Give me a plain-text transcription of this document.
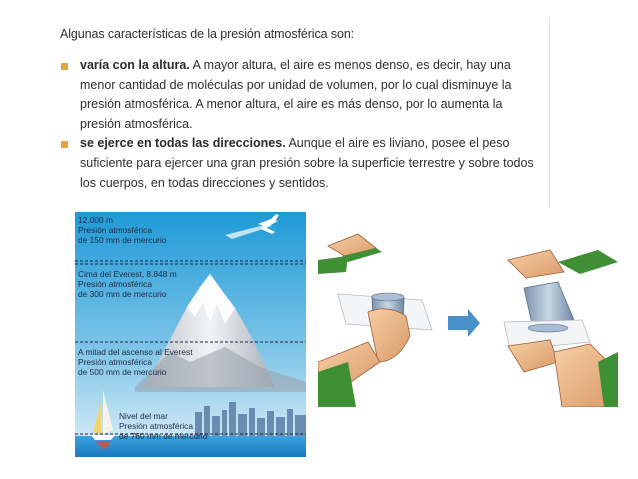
Algunas características de la presión atmosférica son:
varía con la altura. A mayor altura, el aire es menos denso, es decir, hay una menor cantidad de moléculas por unidad de volumen, por lo cual disminuye la presión atmosférica. A menor altura, el aire es más denso, por lo aumenta la presión atmosférica.
se ejerce en todas las direcciones. Aunque el aire es liviano, posee el peso suficiente para ejercer una gran presión sobre la superficie terrestre y sobre todos los cuerpos, en todas direcciones y sentidos.
12.000 m
Presión atmosférica
de 150 mm de mercurio
Cima del Everest, 8.848 m
Presión atmosférica
de 300 mm de mercurio
A mitad del ascenso al Everest
Presión atmosférica
de 500 mm de mercurio
Nivel del mar
Presión atmosférica
de 760 mm de mercurio
